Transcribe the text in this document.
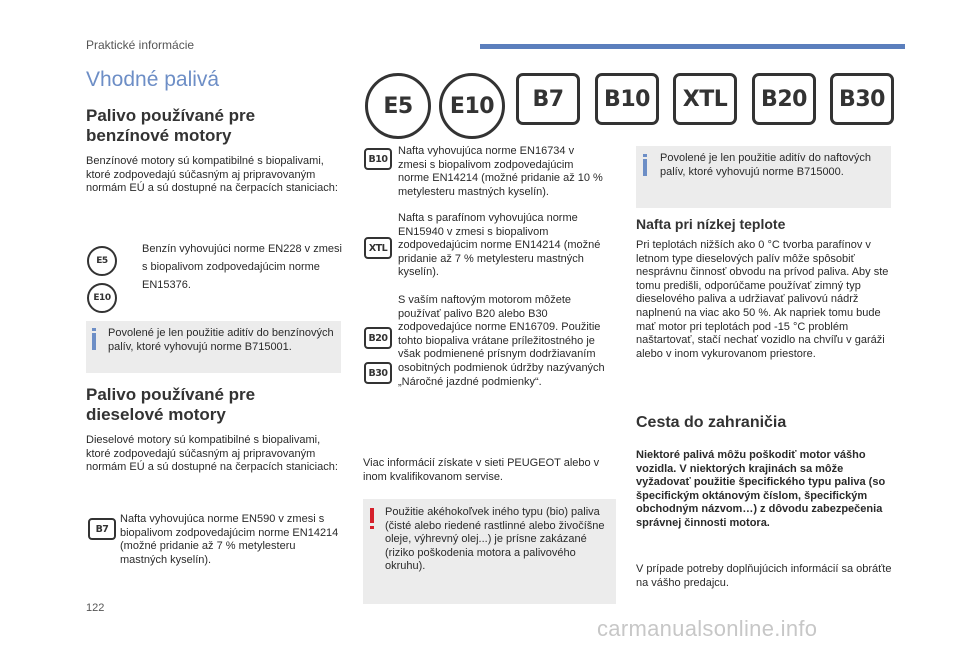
Praktické informácie
Vhodné palivá
E5	E10	B7	B10	XTL	B20	B30
Palivo používané pre benzínové motory

Benzínové motory sú kompatibilné s biopalivami, ktoré zodpovedajú súčasným aj pripravovaným normám EÚ a sú dostupné na čerpacích staniciach:

E5
E10

Benzín vyhovujúci norme EN228 v zmesi s biopalivom zodpovedajúcim norme EN15376.

Povolené je len použitie aditív do benzínových palív, ktoré vyhovujú norme B715001.

Palivo používané pre dieselové motory

Dieselové motory sú kompatibilné s biopalivami, ktoré zodpovedajú súčasným aj pripravovaným normám EÚ a sú dostupné na čerpacích staniciach:

B7

Nafta vyhovujúca norme EN590 v zmesi s biopalivom zodpovedajúcim norme EN14214 (možné pridanie až 7 % metylesteru mastných kyselín).

B10

Nafta vyhovujúca norme EN16734 v zmesi s biopalivom zodpovedajúcim norme EN14214 (možné pridanie až 10 % metylesteru mastných kyselín).

XTL

Nafta s parafínom vyhovujúca norme EN15940 v zmesi s biopalivom zodpovedajúcim norme EN14214 (možné pridanie až 7 % metylesteru mastných kyselín).

B20
B30

S vaším naftovým motorom môžete používať palivo B20 alebo B30 zodpovedajúce norme EN16709. Použitie tohto biopaliva vrátane príležitostného je však podmienené prísnym dodržiavaním osobitných podmienok údržby nazývaných „Náročné jazdné podmienky“.

Viac informácií získate v sieti PEUGEOT alebo v inom kvalifikovanom servise.

Použitie akéhokoľvek iného typu (bio) paliva (čisté alebo riedené rastlinné alebo živočíšne oleje, výhrevný olej...) je prísne zakázané (riziko poškodenia motora a palivového okruhu).

Povolené je len použitie aditív do naftových palív, ktoré vyhovujú norme B715000.

Nafta pri nízkej teplote

Pri teplotách nižších ako 0 °C tvorba parafínov v letnom type dieselových palív môže spôsobiť nesprávnu činnosť obvodu na prívod paliva. Aby ste tomu predišli, odporúčame používať zimný typ dieselového paliva a udržiavať palivovú nádrž naplnenú na viac ako 50 %. Ak napriek tomu bude mať motor pri teplotách pod -15 °C problém naštartovať, stačí nechať vozidlo na chvíľu v garáži alebo v inom vykurovanom priestore.

Cesta do zahraničia

Niektoré palivá môžu poškodiť motor vášho vozidla. V niektorých krajinách sa môže vyžadovať použitie špecifického typu paliva (so špecifickým oktánovým číslom, špecifickým obchodným názvom…) z dôvodu zabezpečenia správnej činnosti motora.

V prípade potreby doplňujúcich informácií sa obráťte na vášho predajcu.

122
carmanualsonline.info
